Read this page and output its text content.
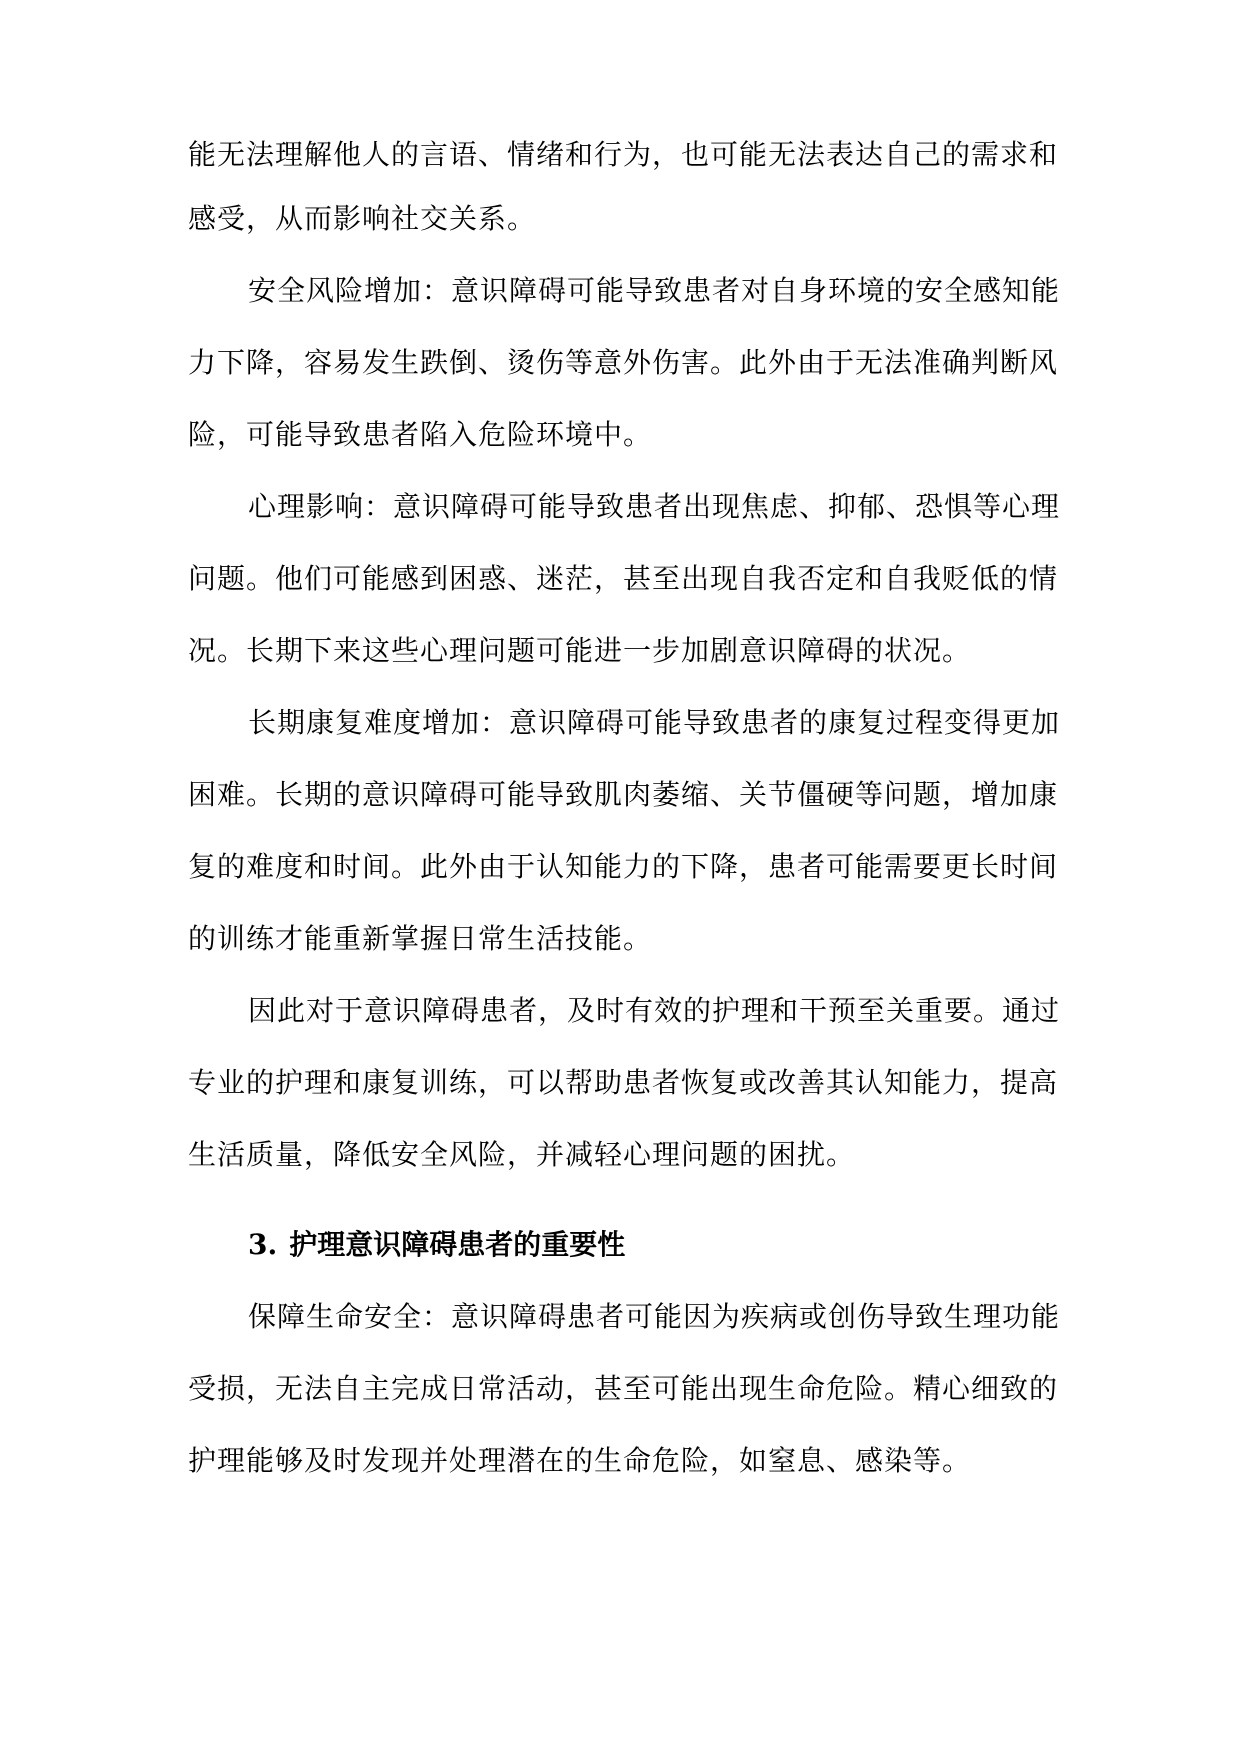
能无法理解他人的言语、情绪和行为，也可能无法表达自己的需求和
感受，从而影响社交关系。
安全风险增加：意识障碍可能导致患者对自身环境的安全感知能
力下降，容易发生跌倒、烫伤等意外伤害。此外由于无法准确判断风
险，可能导致患者陷入危险环境中。
心理影响：意识障碍可能导致患者出现焦虑、抑郁、恐惧等心理
问题。他们可能感到困惑、迷茫，甚至出现自我否定和自我贬低的情
况。长期下来这些心理问题可能进一步加剧意识障碍的状况。
长期康复难度增加：意识障碍可能导致患者的康复过程变得更加
困难。长期的意识障碍可能导致肌肉萎缩、关节僵硬等问题，增加康
复的难度和时间。此外由于认知能力的下降，患者可能需要更长时间
的训练才能重新掌握日常生活技能。
因此对于意识障碍患者，及时有效的护理和干预至关重要。通过
专业的护理和康复训练，可以帮助患者恢复或改善其认知能力，提高
生活质量，降低安全风险，并减轻心理问题的困扰。
3. 护理意识障碍患者的重要性
保障生命安全：意识障碍患者可能因为疾病或创伤导致生理功能
受损，无法自主完成日常活动，甚至可能出现生命危险。精心细致的
护理能够及时发现并处理潜在的生命危险，如窒息、感染等。
